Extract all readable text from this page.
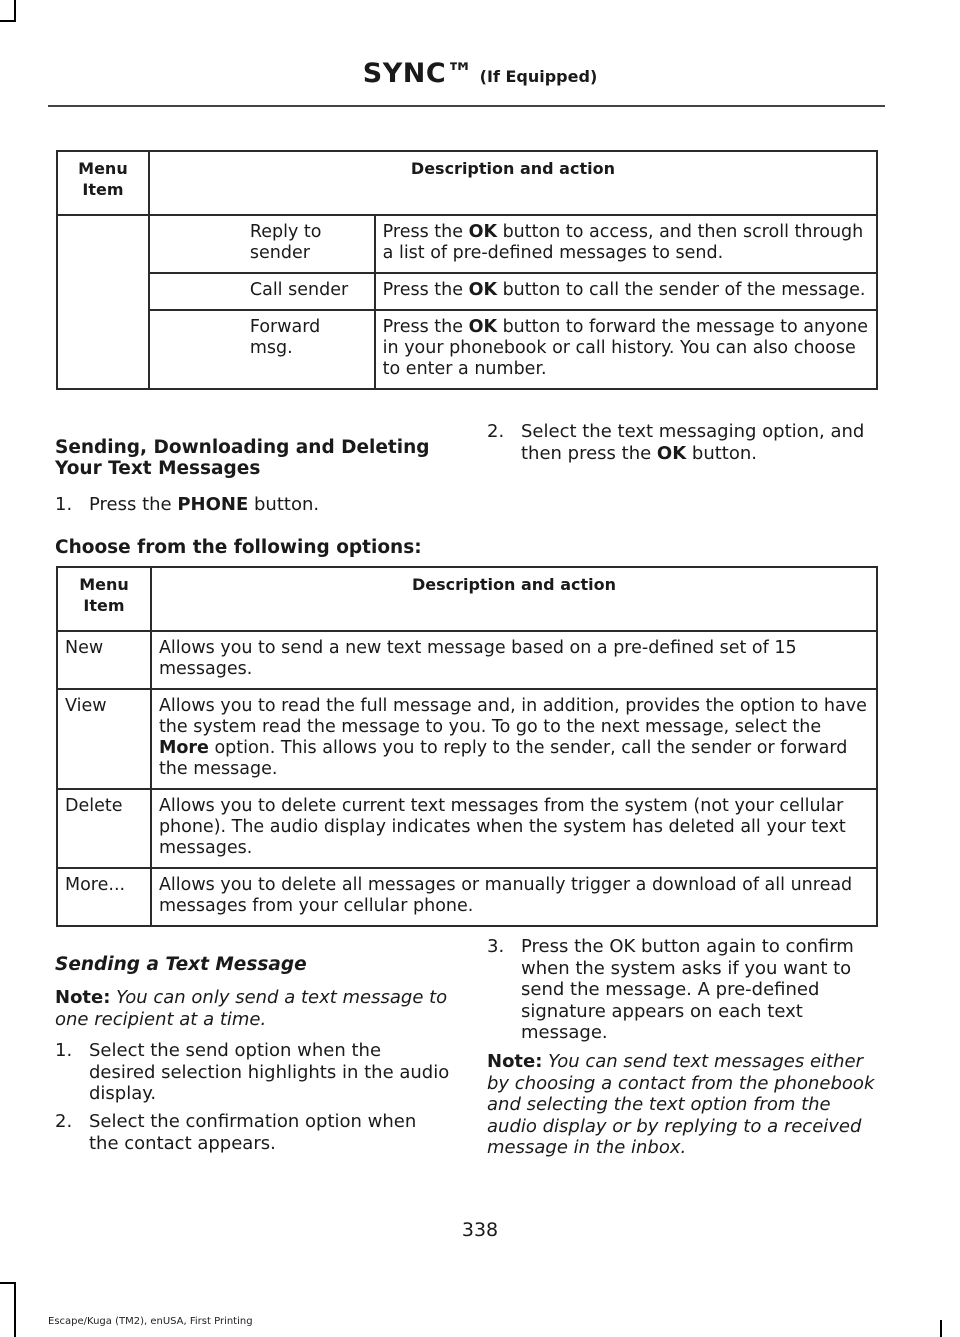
SYNC™ (If Equipped)
Menu Item	Description and action	
	Reply to sender	Press the OK button to access, and then scroll through a list of pre-defined messages to send.
	Call sender	Press the OK button to call the sender of the message.
	Forward msg.	Press the OK button to forward the message to anyone in your phonebook or call history. You can also choose to enter a number.
Sending, Downloading and Deleting Your Text Messages
1. Press the PHONE button.
2. Select the text messaging option, and then press the OK button.
Choose from the following options:
Menu Item	Description and action
New	Allows you to send a new text message based on a pre-defined set of 15 messages.
View	Allows you to read the full message and, in addition, provides the option to have the system read the message to you. To go to the next message, select the More option. This allows you to reply to the sender, call the sender or forward the message.
Delete	Allows you to delete current text messages from the system (not your cellular phone). The audio display indicates when the system has deleted all your text messages.
More...	Allows you to delete all messages or manually trigger a download of all unread messages from your cellular phone.
Sending a Text Message
Note: You can only send a text message to one recipient at a time.
1. Select the send option when the desired selection highlights in the audio display.
2. Select the confirmation option when the contact appears.
3. Press the OK button again to confirm when the system asks if you want to send the message. A pre-defined signature appears on each text message.
Note: You can send text messages either by choosing a contact from the phonebook and selecting the text option from the audio display or by replying to a received message in the inbox.
338
Escape/Kuga (TM2), enUSA, First Printing
